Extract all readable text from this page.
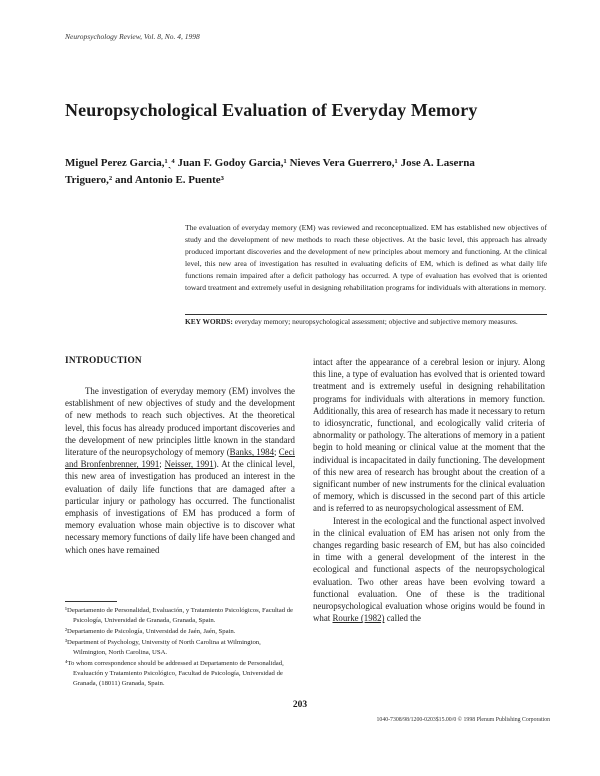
Neuropsychology Review, Vol. 8, No. 4, 1998
Neuropsychological Evaluation of Everyday Memory
Miguel Perez Garcia,¹ˎ⁴ Juan F. Godoy Garcia,¹ Nieves Vera Guerrero,¹ Jose A. Laserna
Triguero,² and Antonio E. Puente³
The evaluation of everyday memory (EM) was reviewed and reconceptualized. EM has established new objectives of study and the development of new methods to reach these objectives. At the basic level, this approach has already produced important discoveries and the development of new principles about memory and functioning. At the clinical level, this new area of investigation has resulted in evaluating deficits of EM, which is defined as what daily life functions remain impaired after a deficit pathology has occurred. A type of evaluation has evolved that is oriented toward treatment and extremely useful in designing rehabilitation programs for individuals with alterations in memory.
KEY WORDS: everyday memory; neuropsychological assessment; objective and subjective memory measures.
INTRODUCTION

The investigation of everyday memory (EM) involves the establishment of new objectives of study and the development of new methods to reach such objectives. At the theoretical level, this focus has already produced important discoveries and the development of new principles little known in the standard literature of the neuropsychology of memory (Banks, 1984; Ceci and Bronfenbrenner, 1991; Neisser, 1991). At the clinical level, this new area of investigation has produced an interest in the evaluation of daily life functions that are damaged after a particular injury or pathology has occurred. The functionalist emphasis of investigations of EM has produced a form of memory evaluation whose main objective is to discover what necessary memory functions of daily life have been changed and which ones have remained

¹Departamento de Personalidad, Evaluación, y Tratamiento Psicológicos, Facultad de Psicología, Universidad de Granada, Granada, Spain.

²Departamento de Psicología, Universidad de Jaén, Jaén, Spain.

³Department of Psychology, University of North Carolina at Wilmington, Wilmington, North Carolina, USA.

⁴To whom correspondence should be addressed at Departamento de Personalidad, Evaluación y Tratamiento Psicológico, Facultad de Psicología, Universidad de Granada, (18011) Granada, Spain.

intact after the appearance of a cerebral lesion or injury. Along this line, a type of evaluation has evolved that is oriented toward treatment and is extremely useful in designing rehabilitation programs for individuals with alterations in memory function. Additionally, this area of research has made it necessary to return to idiosyncratic, functional, and ecologically valid criteria of abnormality or pathology. The alterations of memory in a patient begin to hold meaning or clinical value at the moment that the individual is incapacitated in daily functioning. The development of this new area of research has brought about the creation of a significant number of new instruments for the clinical evaluation of memory, which is discussed in the second part of this article and is referred to as neuropsychological assessment of EM.

Interest in the ecological and the functional aspect involved in the clinical evaluation of EM has arisen not only from the changes regarding basic research of EM, but has also coincided in time with a general development of the interest in the ecological and functional aspects of the neuropsychological evaluation. Two other areas have been evolving toward a functional evaluation. One of these is the traditional neuropsychological evaluation whose origins would be found in what Rourke (1982) called the

203
1040-7308/98/1200-0203$15.00/0 © 1998 Plenum Publishing Corporation
